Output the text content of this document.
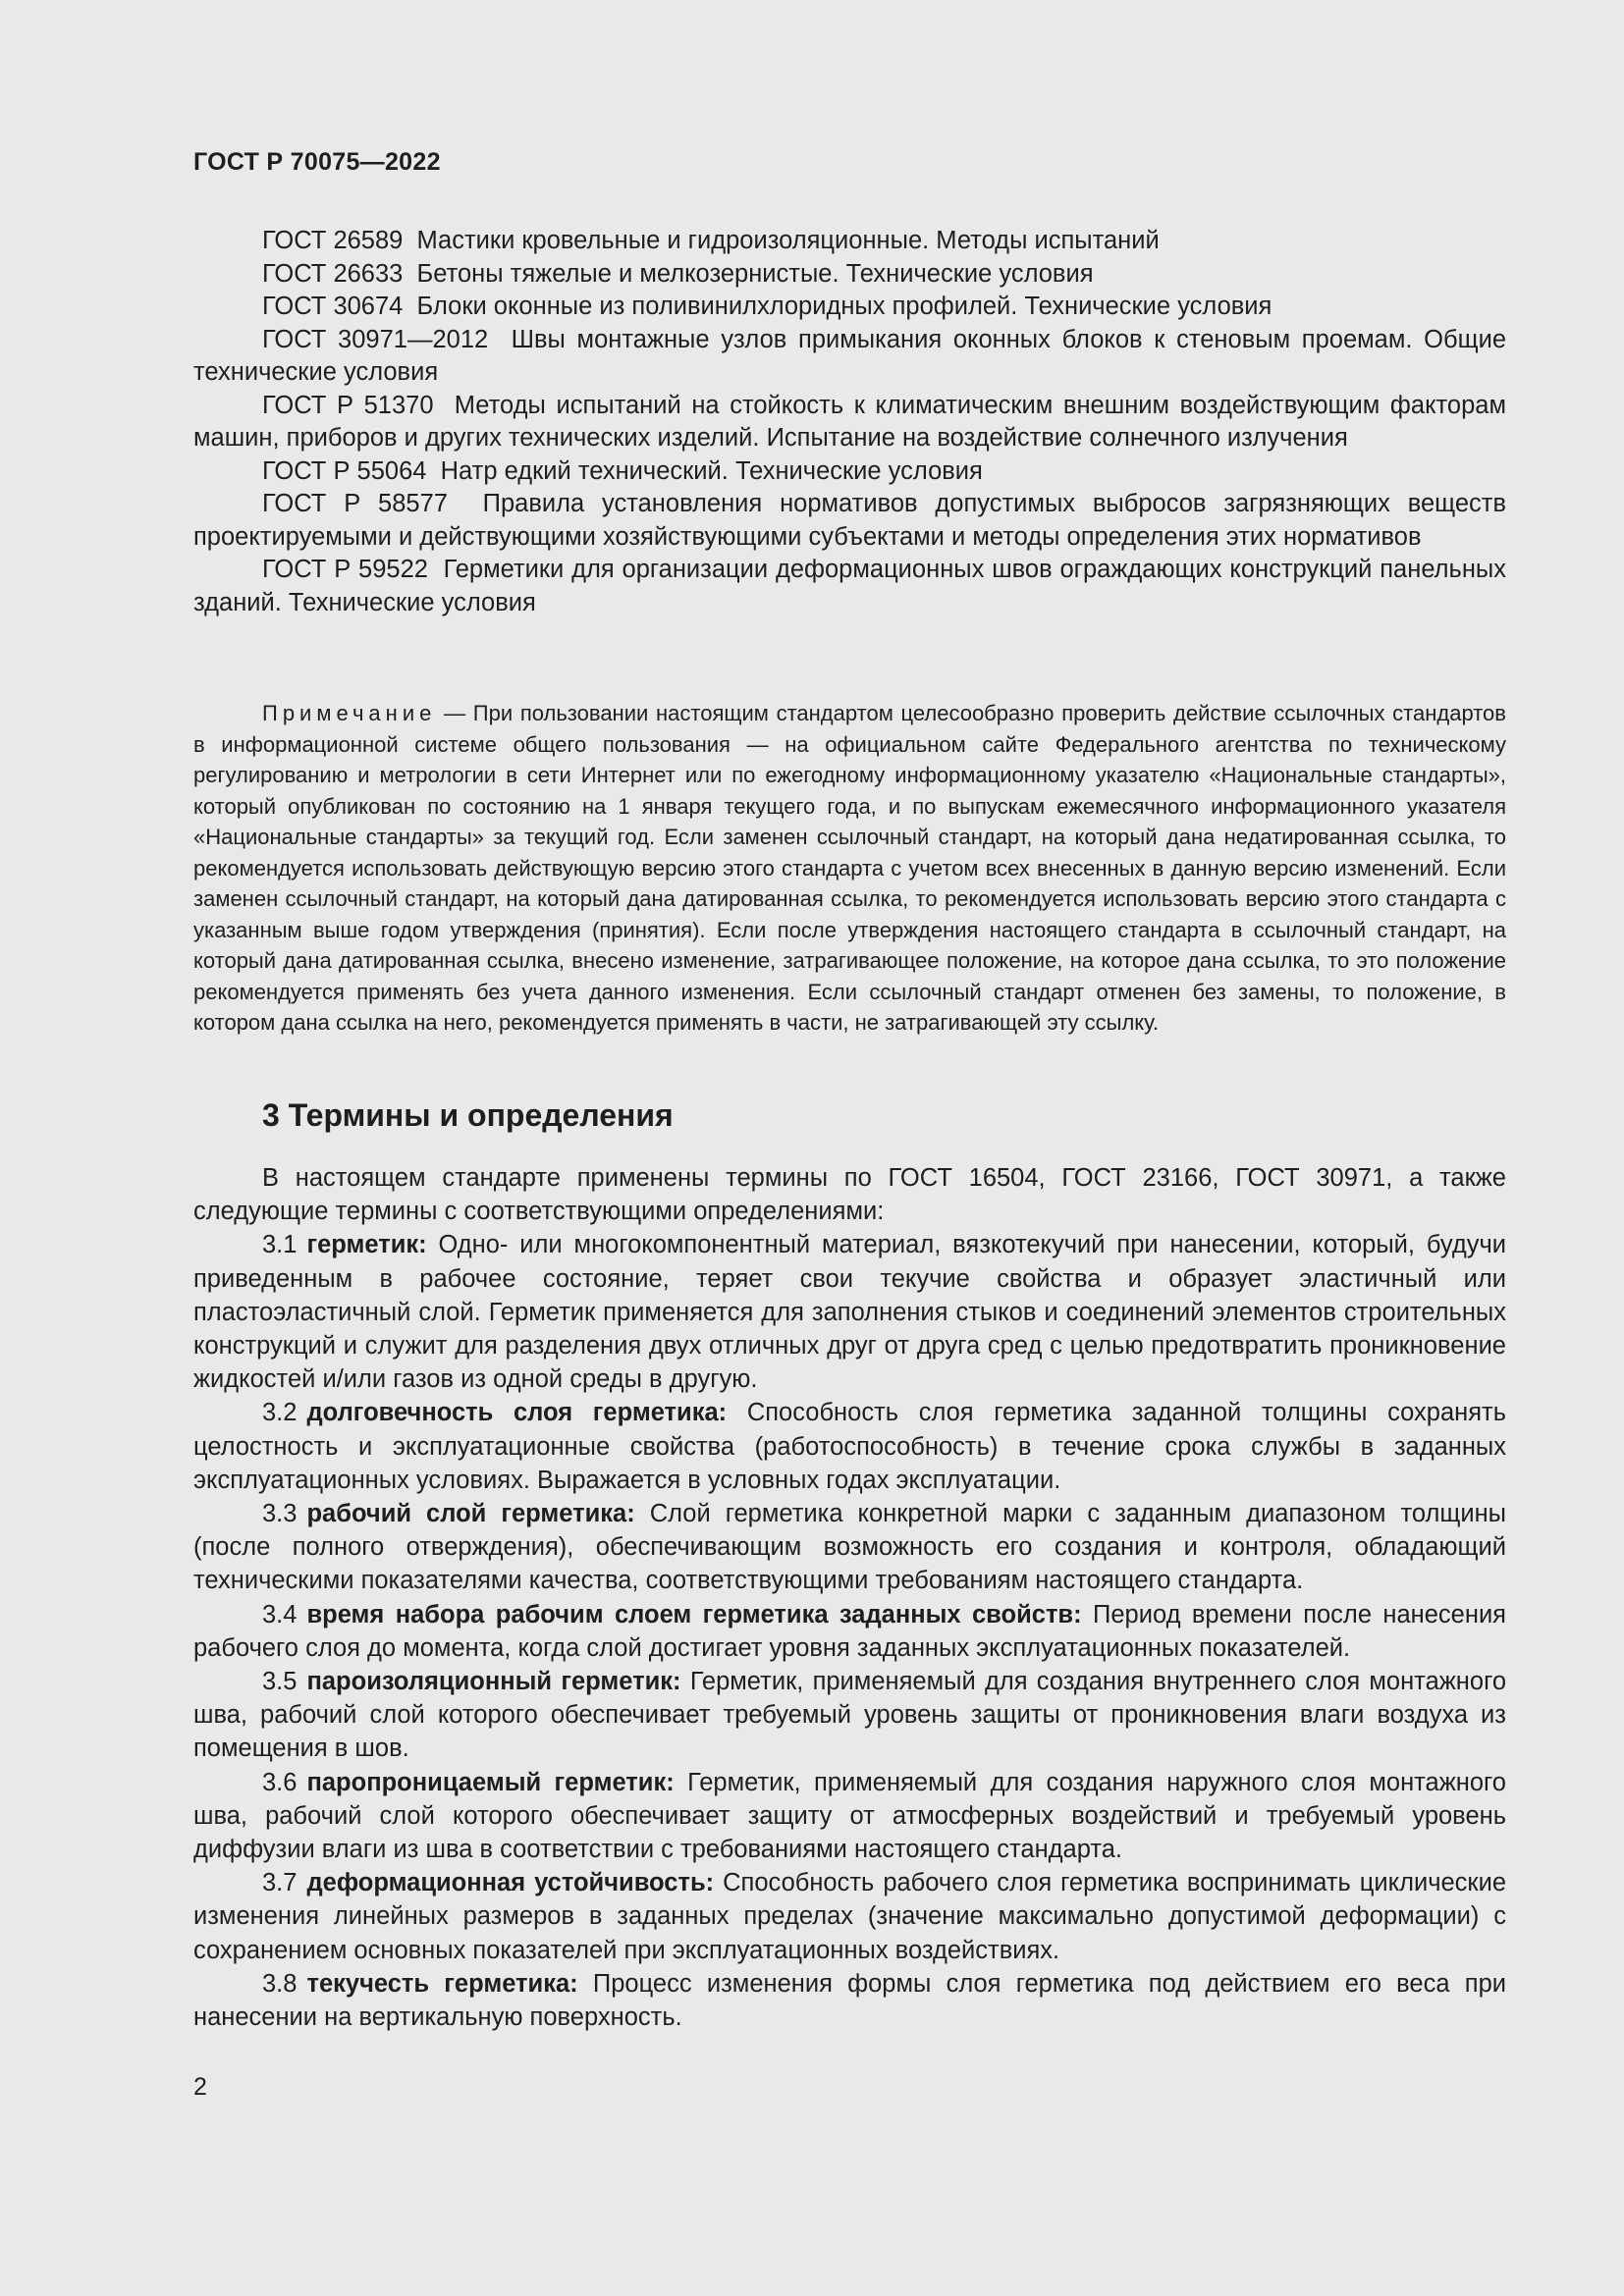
ГОСТ Р 70075—2022

ГОСТ 26589 Мастики кровельные и гидроизоляционные. Методы испытаний

ГОСТ 26633 Бетоны тяжелые и мелкозернистые. Технические условия

ГОСТ 30674 Блоки оконные из поливинилхлоридных профилей. Технические условия

ГОСТ 30971—2012 Швы монтажные узлов примыкания оконных блоков к стеновым проемам. Общие технические условия

ГОСТ Р 51370 Методы испытаний на стойкость к климатическим внешним воздействующим факторам машин, приборов и других технических изделий. Испытание на воздействие солнечного излучения

ГОСТ Р 55064 Натр едкий технический. Технические условия

ГОСТ Р 58577 Правила установления нормативов допустимых выбросов загрязняющих веществ проектируемыми и действующими хозяйствующими субъектами и методы определения этих нормативов

ГОСТ Р 59522 Герметики для организации деформационных швов ограждающих конструкций панельных зданий. Технические условия

Примечание — При пользовании настоящим стандартом целесообразно проверить действие ссылочных стандартов в информационной системе общего пользования — на официальном сайте Федерального агентства по техническому регулированию и метрологии в сети Интернет или по ежегодному информационному указателю «Национальные стандарты», который опубликован по состоянию на 1 января текущего года, и по выпускам ежемесячного информационного указателя «Национальные стандарты» за текущий год. Если заменен ссылочный стандарт, на который дана недатированная ссылка, то рекомендуется использовать действующую версию этого стандарта с учетом всех внесенных в данную версию изменений. Если заменен ссылочный стандарт, на который дана датированная ссылка, то рекомендуется использовать версию этого стандарта с указанным выше годом утверждения (принятия). Если после утверждения настоящего стандарта в ссылочный стандарт, на который дана датированная ссылка, внесено изменение, затрагивающее положение, на которое дана ссылка, то это положение рекомендуется применять без учета данного изменения. Если ссылочный стандарт отменен без замены, то положение, в котором дана ссылка на него, рекомендуется применять в части, не затрагивающей эту ссылку.

3 Термины и определения

В настоящем стандарте применены термины по ГОСТ 16504, ГОСТ 23166, ГОСТ 30971, а также следующие термины с соответствующими определениями:

3.1 герметик: Одно- или многокомпонентный материал, вязкотекучий при нанесении, который, будучи приведенным в рабочее состояние, теряет свои текучие свойства и образует эластичный или пластоэластичный слой. Герметик применяется для заполнения стыков и соединений элементов строительных конструкций и служит для разделения двух отличных друг от друга сред с целью предотвратить проникновение жидкостей и/или газов из одной среды в другую.

3.2 долговечность слоя герметика: Способность слоя герметика заданной толщины сохранять целостность и эксплуатационные свойства (работоспособность) в течение срока службы в заданных эксплуатационных условиях. Выражается в условных годах эксплуатации.

3.3 рабочий слой герметика: Слой герметика конкретной марки с заданным диапазоном толщины (после полного отверждения), обеспечивающим возможность его создания и контроля, обладающий техническими показателями качества, соответствующими требованиям настоящего стандарта.

3.4 время набора рабочим слоем герметика заданных свойств: Период времени после нанесения рабочего слоя до момента, когда слой достигает уровня заданных эксплуатационных показателей.

3.5 пароизоляционный герметик: Герметик, применяемый для создания внутреннего слоя монтажного шва, рабочий слой которого обеспечивает требуемый уровень защиты от проникновения влаги воздуха из помещения в шов.

3.6 паропроницаемый герметик: Герметик, применяемый для создания наружного слоя монтажного шва, рабочий слой которого обеспечивает защиту от атмосферных воздействий и требуемый уровень диффузии влаги из шва в соответствии с требованиями настоящего стандарта.

3.7 деформационная устойчивость: Способность рабочего слоя герметика воспринимать циклические изменения линейных размеров в заданных пределах (значение максимально допустимой деформации) с сохранением основных показателей при эксплуатационных воздействиях.

3.8 текучесть герметика: Процесс изменения формы слоя герметика под действием его веса при нанесении на вертикальную поверхность.

2
